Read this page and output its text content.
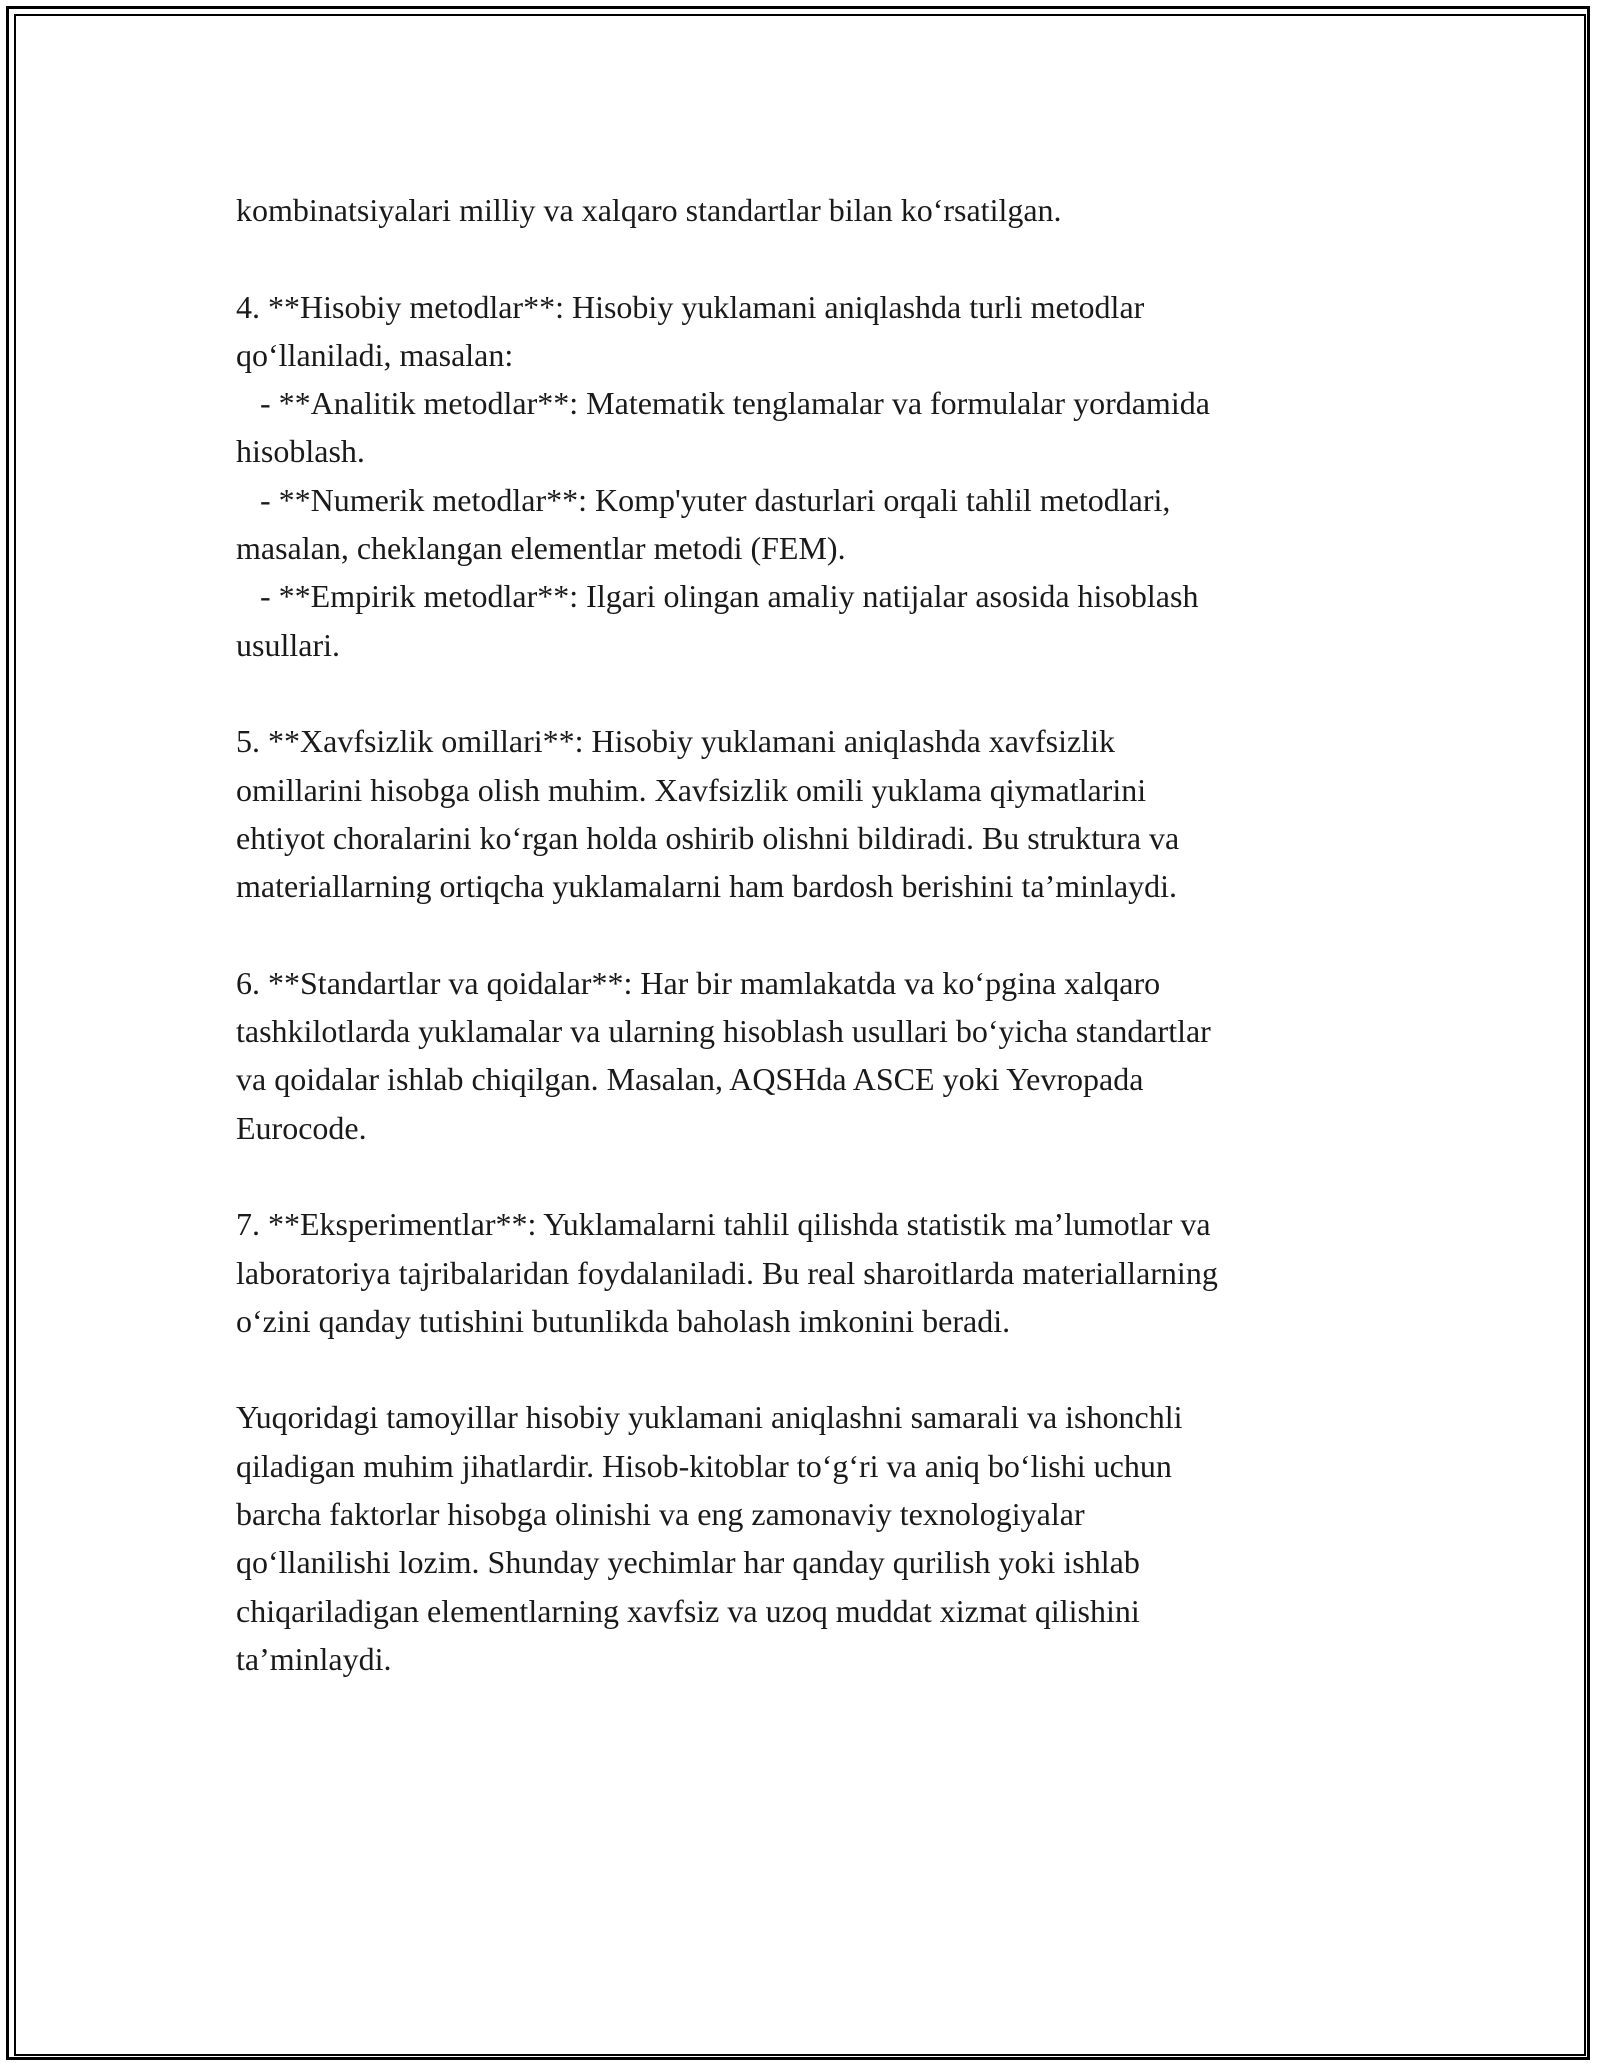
kombinatsiyalari milliy va xalqaro standartlar bilan ko‘rsatilgan.
4. **Hisobiy metodlar**: Hisobiy yuklamani aniqlashda turli metodlar
qo‘llaniladi, masalan:
- **Analitik metodlar**: Matematik tenglamalar va formulalar yordamida
hisoblash.
- **Numerik metodlar**: Komp'yuter dasturlari orqali tahlil metodlari,
masalan, cheklangan elementlar metodi (FEM).
- **Empirik metodlar**: Ilgari olingan amaliy natijalar asosida hisoblash
usullari.
5. **Xavfsizlik omillari**: Hisobiy yuklamani aniqlashda xavfsizlik
omillarini hisobga olish muhim. Xavfsizlik omili yuklama qiymatlarini
ehtiyot choralarini ko‘rgan holda oshirib olishni bildiradi. Bu struktura va
materiallarning ortiqcha yuklamalarni ham bardosh berishini ta’minlaydi.
6. **Standartlar va qoidalar**: Har bir mamlakatda va ko‘pgina xalqaro
tashkilotlarda yuklamalar va ularning hisoblash usullari bo‘yicha standartlar
va qoidalar ishlab chiqilgan. Masalan, AQSHda ASCE yoki Yevropada
Eurocode.
7. **Eksperimentlar**: Yuklamalarni tahlil qilishda statistik ma’lumotlar va
laboratoriya tajribalaridan foydalaniladi. Bu real sharoitlarda materiallarning
o‘zini qanday tutishini butunlikda baholash imkonini beradi.
Yuqoridagi tamoyillar hisobiy yuklamani aniqlashni samarali va ishonchli
qiladigan muhim jihatlardir. Hisob-kitoblar to‘g‘ri va aniq bo‘lishi uchun
barcha faktorlar hisobga olinishi va eng zamonaviy texnologiyalar
qo‘llanilishi lozim. Shunday yechimlar har qanday qurilish yoki ishlab
chiqariladigan elementlarning xavfsiz va uzoq muddat xizmat qilishini
ta’minlaydi.
